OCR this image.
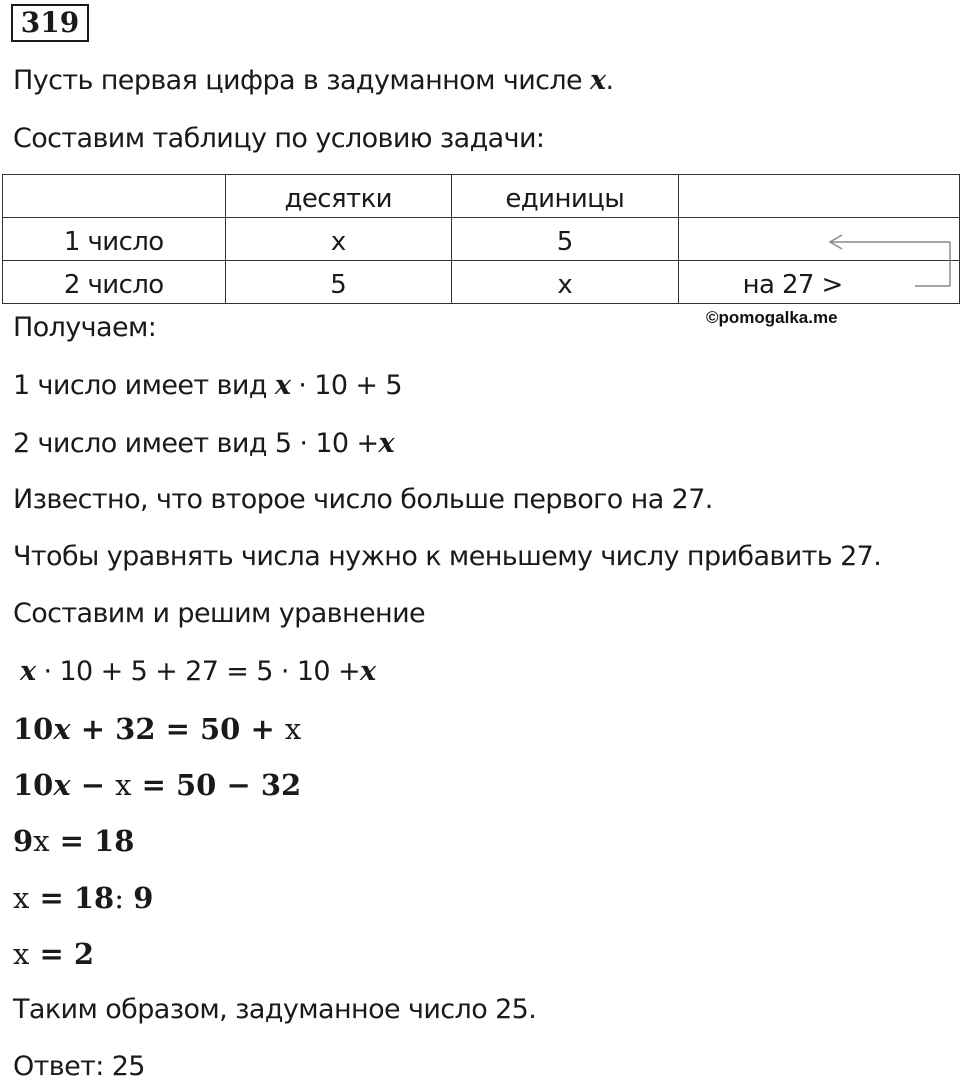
319
Пусть первая цифра в задуманном числе x.
Составим таблицу по условию задачи:
	десятки	единицы	
1 число	x	5	
2 число	5	x	на 27 >
Получаем:	©pomogalka.me
1 число имеет вид x · 10 + 5
2 число имеет вид 5 · 10 +x
Известно, что второе число больше первого на 27.
Чтобы уравнять числа нужно к меньшему числу прибавить 27.
Составим и решим уравнение
x · 10 + 5 + 27 = 5 · 10 +x
10x + 32 = 50 + x
10x − x = 50 − 32
9x = 18
x = 18: 9
x = 2
Таким образом, задуманное число 25.
Ответ: 25
